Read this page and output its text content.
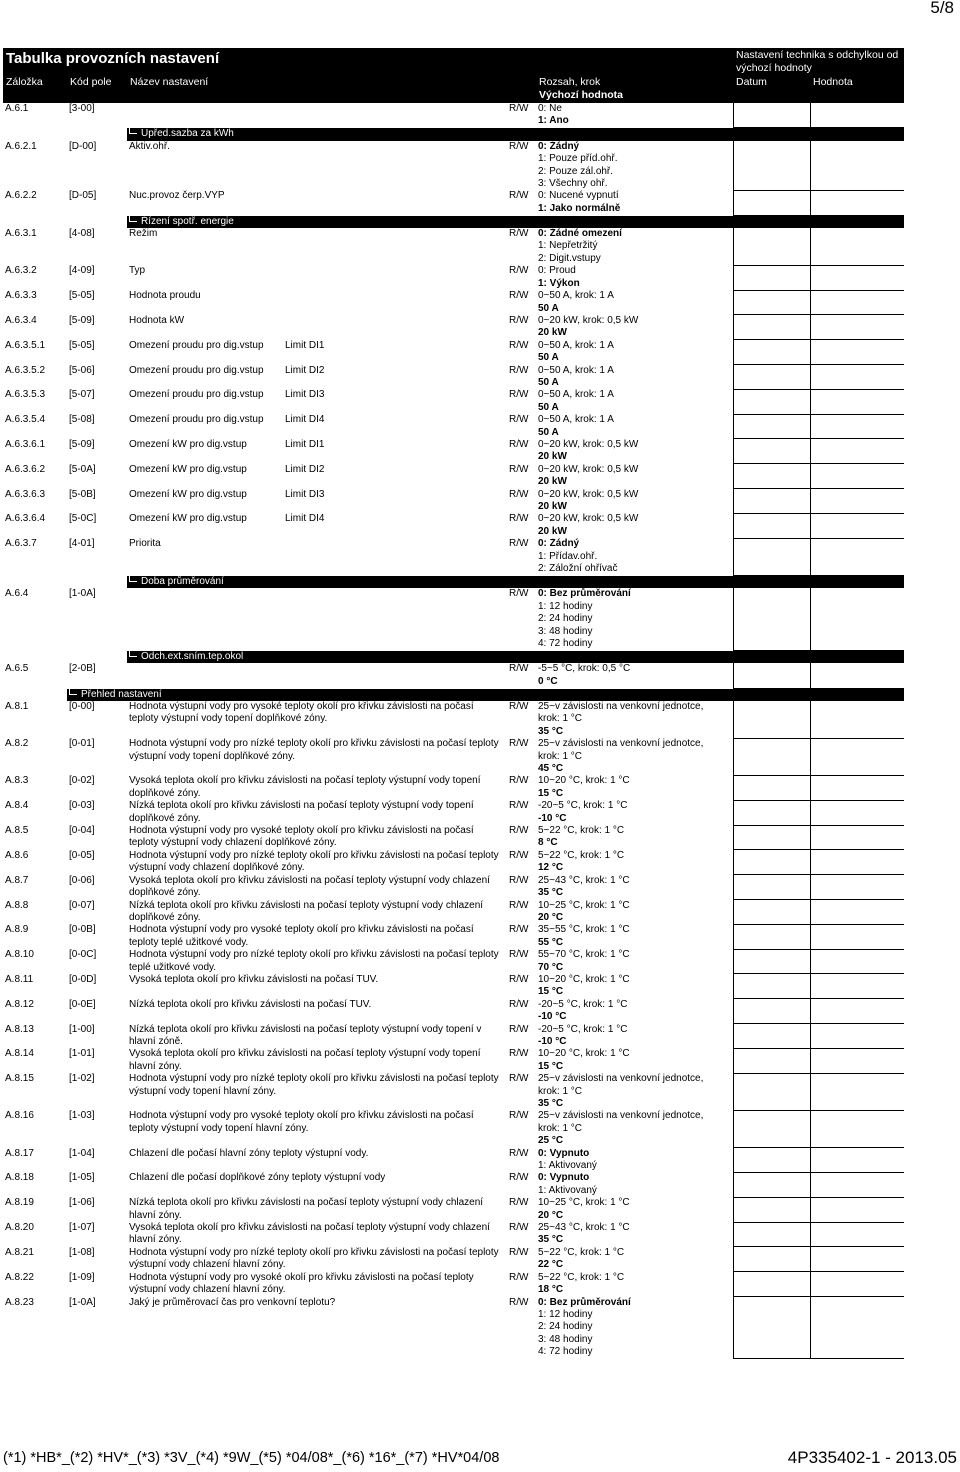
5/8
Tabulka provozních nastavení
Záložka	Kód pole Název nastavení	Rozsah, krok
Výchozí hodnota
Nastavení technika s odchylkou od výchozí hodnoty
Datum	Hodnota
A.6.1	[3-00]			R/W	0: Ne
1: Ano		

		Upřed.sazba za kWh					
A.6.2.1	[D-00]	Aktiv.ohř.		R/W	0: Žádný
1: Pouze příd.ohř.
2: Pouze zál.ohř.
3: Všechny ohř.		

A.6.2.2	[D-05]	Nuc.provoz čerp.VYP		R/W	0: Nucené vypnutí
1: Jako normálně		

		Řízení spotř. energie					
A.6.3.1	[4-08]	Režim		R/W	0: Žádné omezení
1: Nepřetržitý
2: Digit.vstupy		

A.6.3.2	[4-09]	Typ		R/W	0: Proud
1: Výkon		

A.6.3.3	[5-05]	Hodnota proudu		R/W	0~50 A, krok: 1 A
50 A		

A.6.3.4	[5-09]	Hodnota kW		R/W	0~20 kW, krok: 0,5 kW
20 kW		

A.6.3.5.1	[5-05]	Omezení proudu pro dig.vstup	Limit DI1	R/W	0~50 A, krok: 1 A
50 A		

A.6.3.5.2	[5-06]	Omezení proudu pro dig.vstup	Limit DI2	R/W	0~50 A, krok: 1 A
50 A		

A.6.3.5.3	[5-07]	Omezení proudu pro dig.vstup	Limit DI3	R/W	0~50 A, krok: 1 A
50 A		

A.6.3.5.4	[5-08]	Omezení proudu pro dig.vstup	Limit DI4	R/W	0~50 A, krok: 1 A
50 A		

A.6.3.6.1	[5-09]	Omezení kW pro dig.vstup	Limit DI1	R/W	0~20 kW, krok: 0,5 kW
20 kW		

A.6.3.6.2	[5-0A]	Omezení kW pro dig.vstup	Limit DI2	R/W	0~20 kW, krok: 0,5 kW
20 kW		

A.6.3.6.3	[5-0B]	Omezení kW pro dig.vstup	Limit DI3	R/W	0~20 kW, krok: 0,5 kW
20 kW		

A.6.3.6.4	[5-0C]	Omezení kW pro dig.vstup	Limit DI4	R/W	0~20 kW, krok: 0,5 kW
20 kW		

A.6.3.7	[4-01]	Priorita		R/W	0: Žádný
1: Přídav.ohř.
2: Záložní ohřívač		

		Doba průměrování					
A.6.4	[1-0A]			R/W	0: Bez průměrování
1: 12 hodiny
2: 24 hodiny
3: 48 hodiny
4: 72 hodiny		

		Odch.ext.sním.tep.okol					
A.6.5	[2-0B]			R/W	-5~5 °C, krok: 0,5 °C
0 °C		

	Přehled nastavení						
A.8.1	[0-00]	Hodnota výstupní vody pro vysoké teploty okolí pro křivku závislosti na počasí teploty výstupní vody topení doplňkové zóny.		R/W	25~v závislosti na venkovní jednotce,
krok: 1 °C
35 °C		

A.8.2	[0-01]	Hodnota výstupní vody pro nízké teploty okolí pro křivku závislosti na počasí teploty výstupní vody topení doplňkové zóny.		R/W	25~v závislosti na venkovní jednotce,
krok: 1 °C
45 °C		

A.8.3	[0-02]	Vysoká teplota okolí pro křivku závislosti na počasí teploty výstupní vody topení doplňkové zóny.		R/W	10~20 °C, krok: 1 °C
15 °C		

A.8.4	[0-03]	Nízká teplota okolí pro křivku závislosti na počasí teploty výstupní vody topení doplňkové zóny.		R/W	-20~5 °C, krok: 1 °C
-10 °C		

A.8.5	[0-04]	Hodnota výstupní vody pro vysoké teploty okolí pro křivku závislosti na počasí teploty výstupní vody chlazení doplňkové zóny.		R/W	5~22 °C, krok: 1 °C
8 °C		

A.8.6	[0-05]	Hodnota výstupní vody pro nízké teploty okolí pro křivku závislosti na počasí teploty výstupní vody chlazení doplňkové zóny.		R/W	5~22 °C, krok: 1 °C
12 °C		

A.8.7	[0-06]	Vysoká teplota okolí pro křivku závislosti na počasí teploty výstupní vody chlazení doplňkové zóny.		R/W	25~43 °C, krok: 1 °C
35 °C		

A.8.8	[0-07]	Nízká teplota okolí pro křivku závislosti na počasí teploty výstupní vody chlazení doplňkové zóny.		R/W	10~25 °C, krok: 1 °C
20 °C		

A.8.9	[0-0B]	Hodnota výstupní vody pro vysoké teploty okolí pro křivku závislosti na počasí teploty teplé užitkové vody.		R/W	35~55 °C, krok: 1 °C
55 °C		

A.8.10	[0-0C]	Hodnota výstupní vody pro nízké teploty okolí pro křivku závislosti na počasí teploty teplé užitkové vody.		R/W	55~70 °C, krok: 1 °C
70 °C		

A.8.11	[0-0D]	Vysoká teplota okolí pro křivku závislosti na počasí TUV.		R/W	10~20 °C, krok: 1 °C
15 °C		

A.8.12	[0-0E]	Nízká teplota okolí pro křivku závislosti na počasí TUV.		R/W	-20~5 °C, krok: 1 °C
-10 °C		

A.8.13	[1-00]	Nízká teplota okolí pro křivku závislosti na počasí teploty výstupní vody topení v hlavní zóně.		R/W	-20~5 °C, krok: 1 °C
-10 °C		

A.8.14	[1-01]	Vysoká teplota okolí pro křivku závislosti na počasí teploty výstupní vody topení hlavní zóny.		R/W	10~20 °C, krok: 1 °C
15 °C		

A.8.15	[1-02]	Hodnota výstupní vody pro nízké teploty okolí pro křivku závislosti na počasí teploty výstupní vody topení hlavní zóny.		R/W	25~v závislosti na venkovní jednotce,
krok: 1 °C
35 °C		

A.8.16	[1-03]	Hodnota výstupní vody pro vysoké teploty okolí pro křivku závislosti na počasí teploty výstupní vody topení hlavní zóny.		R/W	25~v závislosti na venkovní jednotce,
krok: 1 °C
25 °C		

A.8.17	[1-04]	Chlazení dle počasí hlavní zóny teploty výstupní vody.		R/W	0: Vypnuto
1: Aktivovaný		

A.8.18	[1-05]	Chlazení dle počasí doplňkové zóny teploty výstupní vody		R/W	0: Vypnuto
1: Aktivovaný		

A.8.19	[1-06]	Nízká teplota okolí pro křivku závislosti na počasí teploty výstupní vody chlazení hlavní zóny.		R/W	10~25 °C, krok: 1 °C
20 °C		

A.8.20	[1-07]	Vysoká teplota okolí pro křivku závislosti na počasí teploty výstupní vody chlazení hlavní zóny.		R/W	25~43 °C, krok: 1 °C
35 °C		

A.8.21	[1-08]	Hodnota výstupní vody pro nízké teploty okolí pro křivku závislosti na počasí teploty výstupní vody chlazení hlavní zóny.		R/W	5~22 °C, krok: 1 °C
22 °C		

A.8.22	[1-09]	Hodnota výstupní vody pro vysoké okolí pro křivku závislosti na počasí teploty výstupní vody chlazení hlavní zóny.		R/W	5~22 °C, krok: 1 °C
18 °C		

A.8.23	[1-0A]	Jaký je průměrovací čas pro venkovní teplotu?		R/W	0: Bez průměrování
1: 12 hodiny
2: 24 hodiny
3: 48 hodiny
4: 72 hodiny		

(*1) *HB*_(*2) *HV*_(*3) *3V_(*4) *9W_(*5) *04/08*_(*6) *16*_(*7) *HV*04/08	4P335402-1 - 2013.05
